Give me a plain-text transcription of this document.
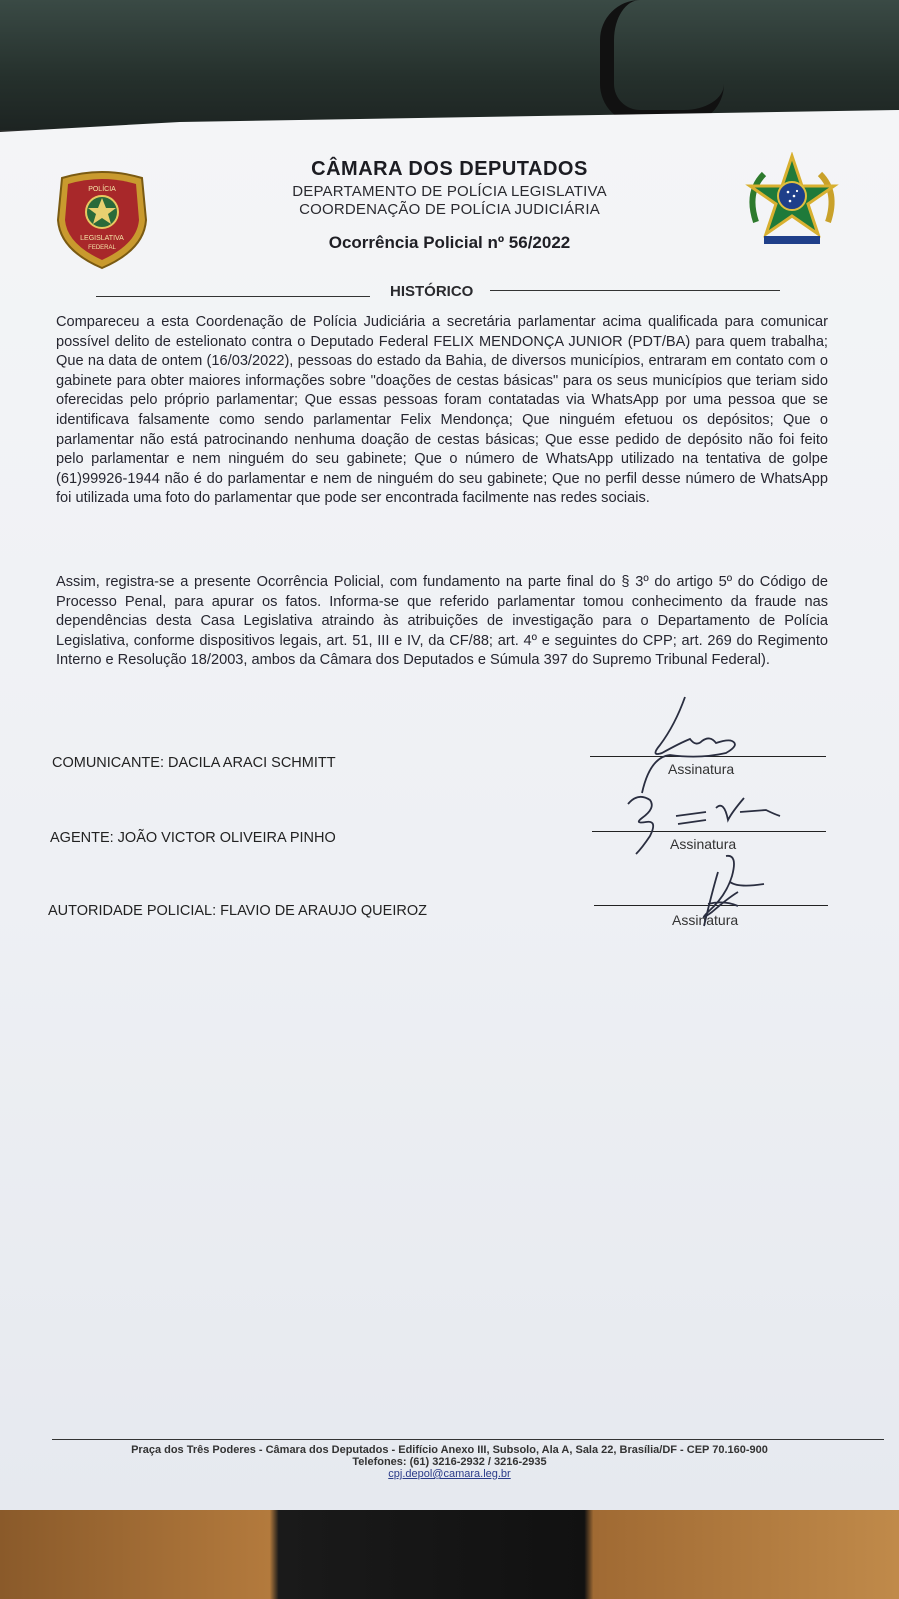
POLÍCIA
LEGISLATIVA
FEDERAL
CÂMARA DOS DEPUTADOS
DEPARTAMENTO DE POLÍCIA LEGISLATIVA
COORDENAÇÃO DE POLÍCIA JUDICIÁRIA
Ocorrência Policial nº 56/2022
HISTÓRICO

Compareceu a esta Coordenação de Polícia Judiciária a secretária parlamentar acima qualificada para comunicar possível delito de estelionato contra o Deputado Federal FELIX MENDONÇA JUNIOR (PDT/BA) para quem trabalha; Que na data de ontem (16/03/2022), pessoas do estado da Bahia, de diversos municípios, entraram em contato com o gabinete para obter maiores informações sobre "doações de cestas básicas" para os seus municípios que teriam sido oferecidas pelo próprio parlamentar; Que essas pessoas foram contatadas via WhatsApp por uma pessoa que se identificava falsamente como sendo parlamentar Felix Mendonça; Que ninguém efetuou os depósitos; Que o parlamentar não está patrocinando nenhuma doação de cestas básicas; Que esse pedido de depósito não foi feito pelo parlamentar e nem ninguém do seu gabinete; Que o número de WhatsApp utilizado na tentativa de golpe (61)99926-1944 não é do parlamentar e nem de ninguém do seu gabinete; Que no perfil desse número de WhatsApp foi utilizada uma foto do parlamentar que pode ser encontrada facilmente nas redes sociais.

Assim, registra-se a presente Ocorrência Policial, com fundamento na parte final do § 3º do artigo 5º do Código de Processo Penal, para apurar os fatos. Informa-se que referido parlamentar tomou conhecimento da fraude nas dependências desta Casa Legislativa atraindo às atribuições de investigação para o Departamento de Polícia Legislativa, conforme dispositivos legais, art. 51, III e IV, da CF/88; art. 4º e seguintes do CPP; art. 269 do Regimento Interno e Resolução 18/2003, ambos da Câmara dos Deputados e Súmula 397 do Supremo Tribunal Federal).

COMUNICANTE: DACILA ARACI SCHMITT	Assinatura
AGENTE: JOÃO VICTOR OLIVEIRA PINHO	Assinatura
AUTORIDADE POLICIAL: FLAVIO DE ARAUJO QUEIROZ
Assinatura
Praça dos Três Poderes - Câmara dos Deputados - Edifício Anexo III, Subsolo, Ala A, Sala 22, Brasília/DF - CEP 70.160-900
Telefones: (61) 3216-2932 / 3216-2935
cpj.depol@camara.leg.br
